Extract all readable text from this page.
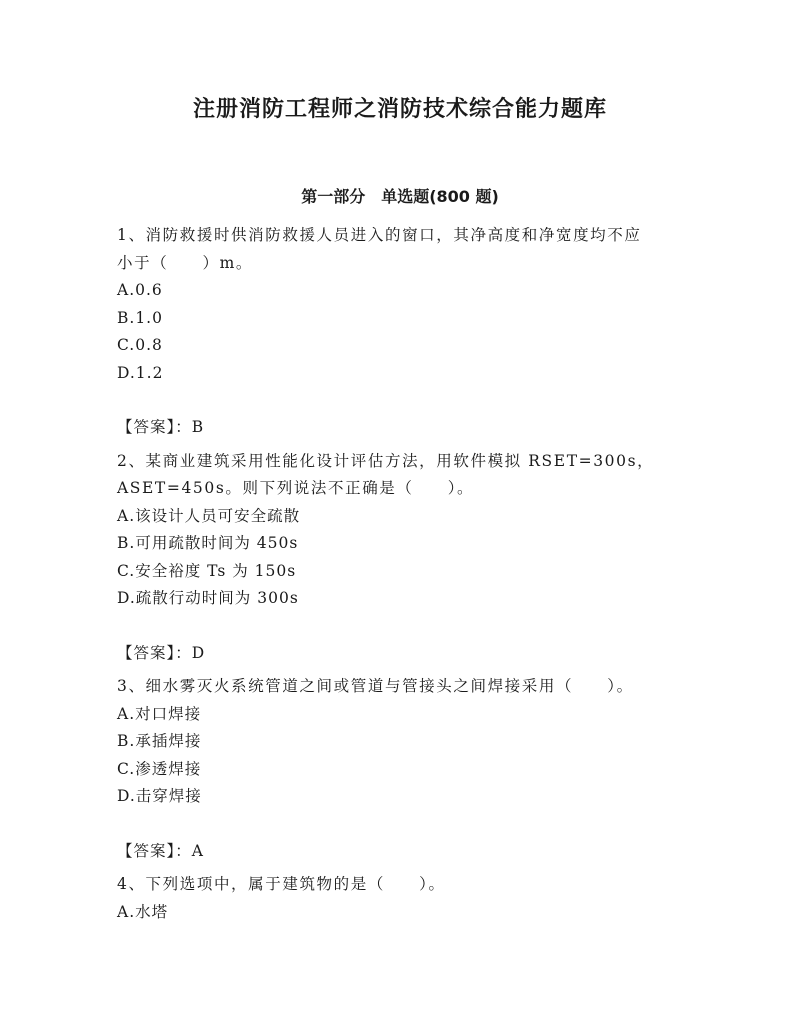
注册消防工程师之消防技术综合能力题库
第一部分　单选题(800 题)

1、消防救援时供消防救援人员进入的窗口，其净高度和净宽度均不应

小于（　　）m。

A.0.6
B.1.0
C.0.8
D.1.2

【答案】：B

2、某商业建筑采用性能化设计评估方法，用软件模拟 RSET=300s，

ASET=450s。则下列说法不正确是（　　）。

A.该设计人员可安全疏散
B.可用疏散时间为 450s
C.安全裕度 Ts 为 150s
D.疏散行动时间为 300s

【答案】：D

3、细水雾灭火系统管道之间或管道与管接头之间焊接采用（　　）。

A.对口焊接
B.承插焊接
C.渗透焊接
D.击穿焊接

【答案】：A

4、下列选项中，属于建筑物的是（　　）。

A.水塔
